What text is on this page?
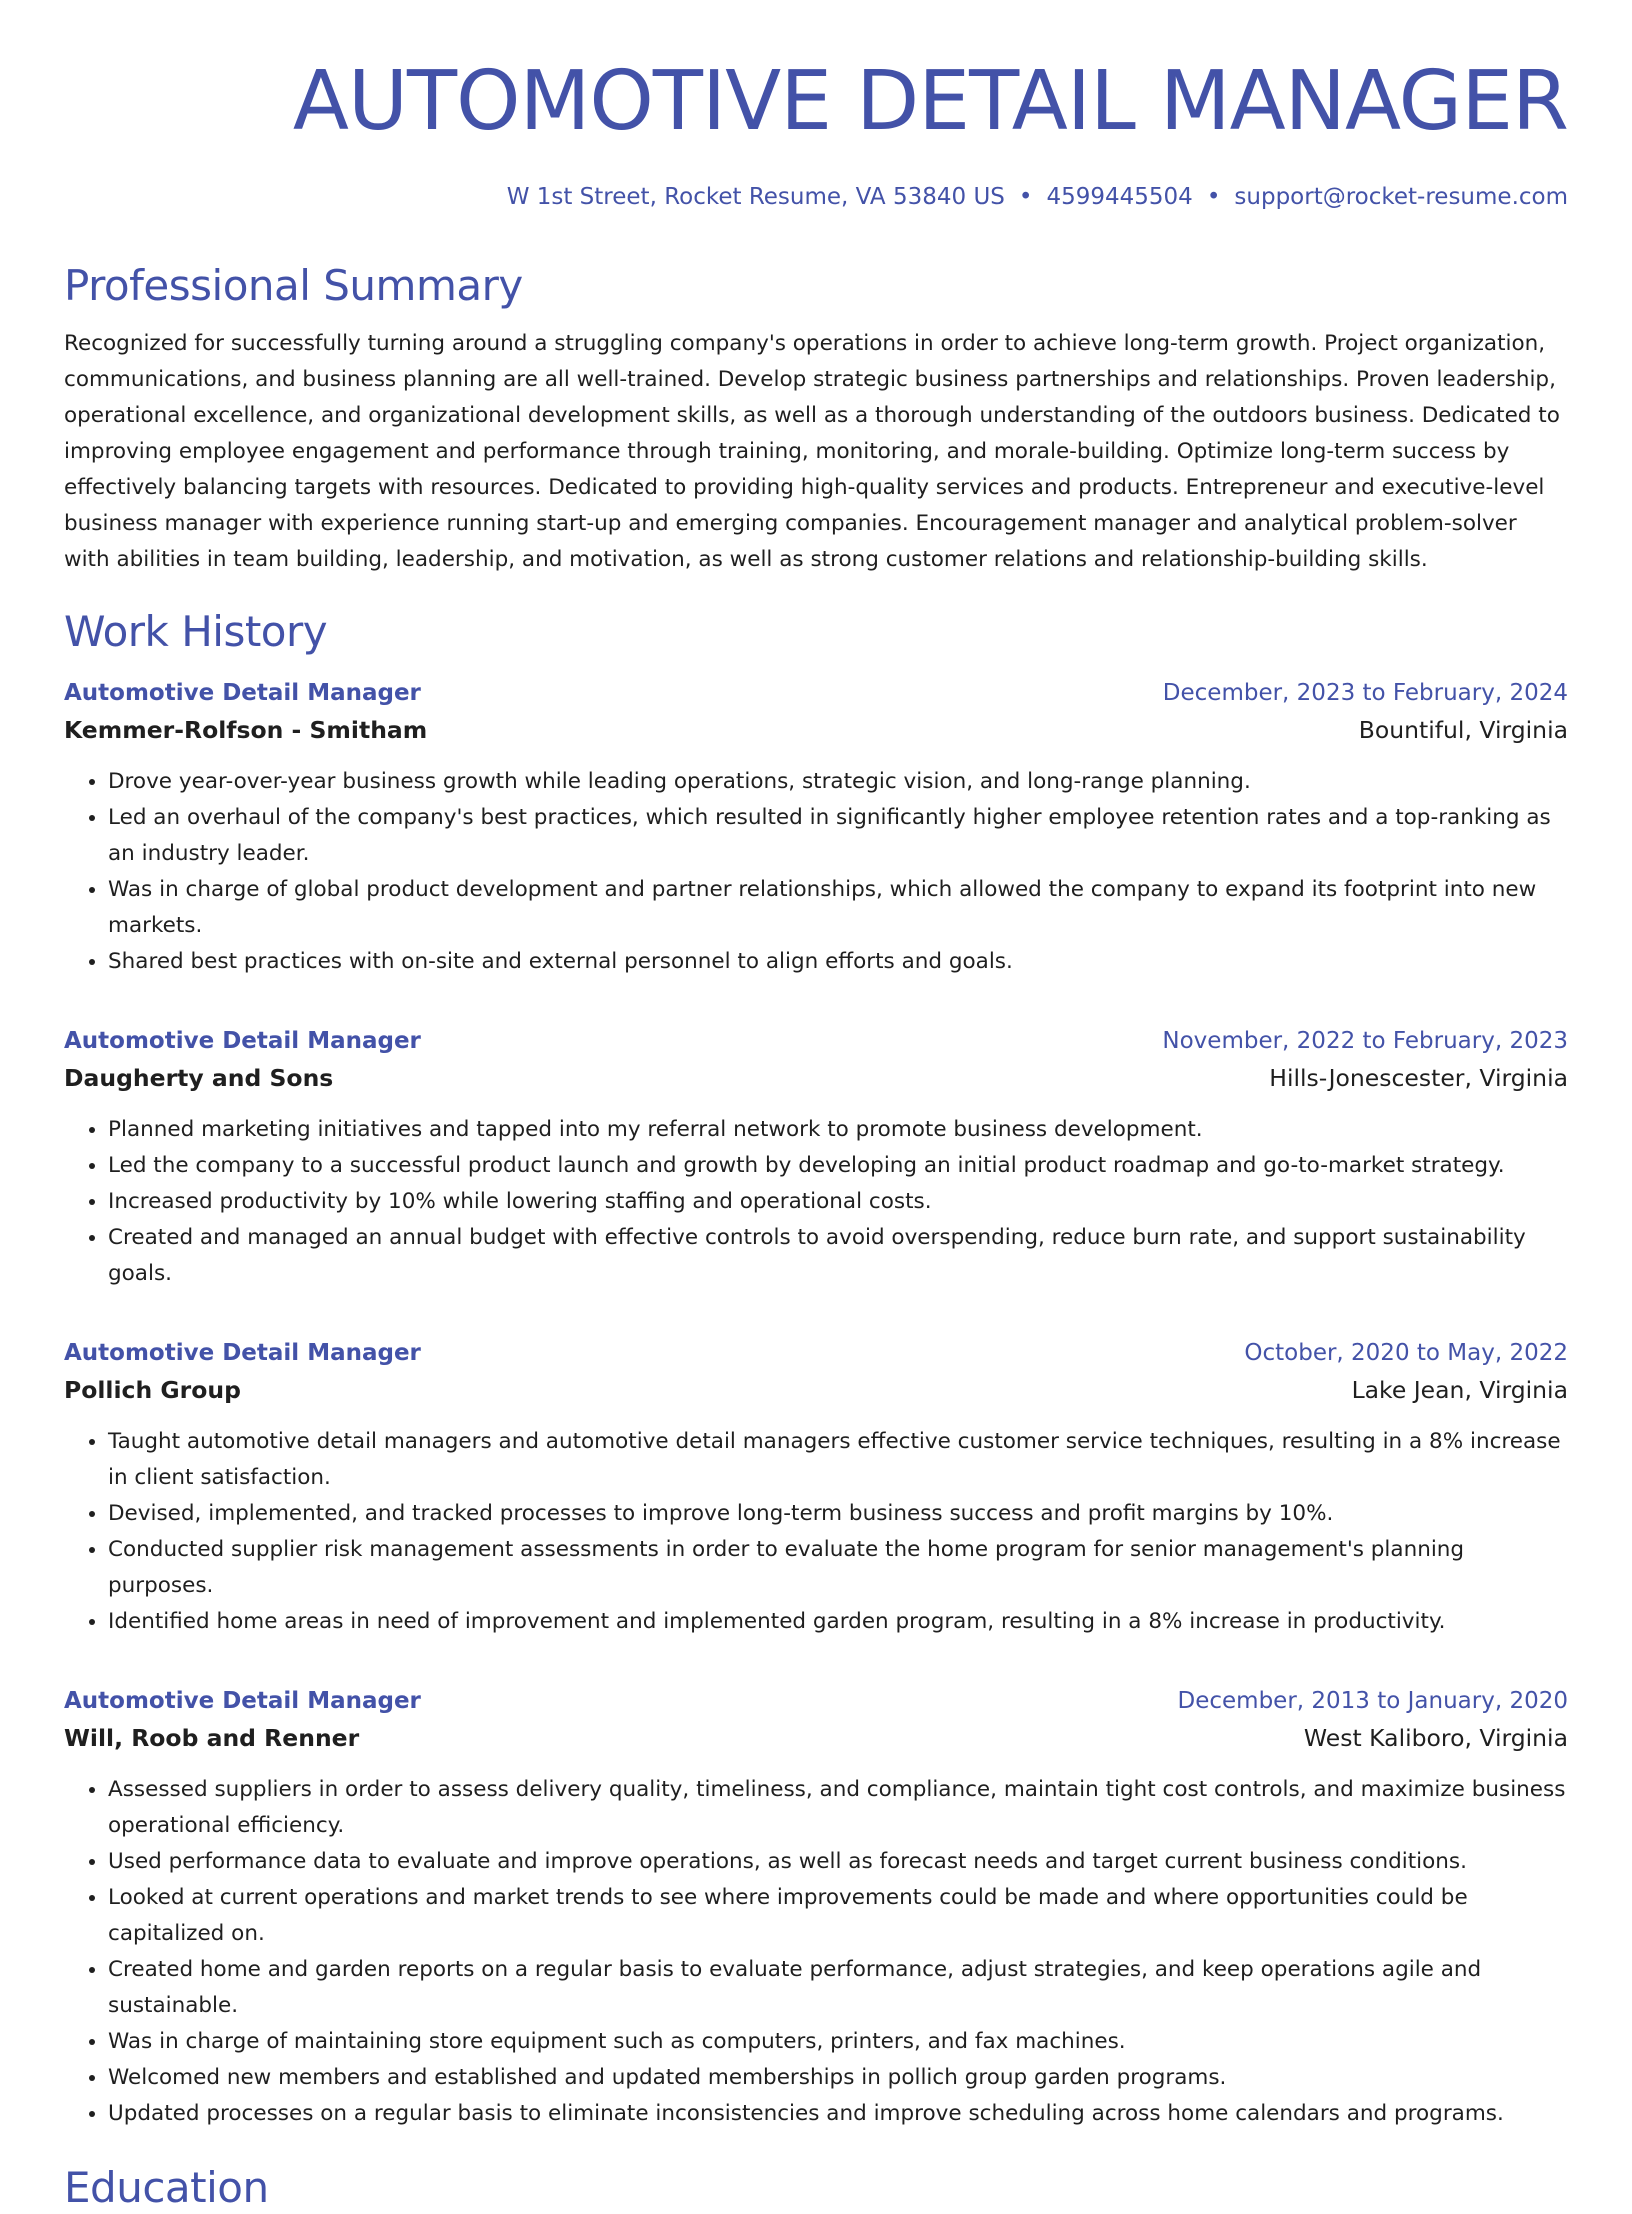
AUTOMOTIVE DETAIL MANAGER
W 1st Street, Rocket Resume, VA 53840 US • 4599445504 • support@rocket-resume.com
Professional Summary

Recognized for successfully turning around a struggling company's operations in order to achieve long-term growth. Project organization, communications, and business planning are all well-trained. Develop strategic business partnerships and relationships. Proven leadership, operational excellence, and organizational development skills, as well as a thorough understanding of the outdoors business. Dedicated to improving employee engagement and performance through training, monitoring, and morale-building. Optimize long-term success by effectively balancing targets with resources. Dedicated to providing high-quality services and products. Entrepreneur and executive-level business manager with experience running start-up and emerging companies. Encouragement manager and analytical problem-solver with abilities in team building, leadership, and motivation, as well as strong customer relations and relationship-building skills.

Work History
Automotive Detail Manager	December, 2023 to February, 2024
Kemmer-Rolfson - Smitham	Bountiful, Virginia
• Drove year-over-year business growth while leading operations, strategic vision, and long-range planning.
• Led an overhaul of the company's best practices, which resulted in significantly higher employee retention rates and a top-ranking as an industry leader.
• Was in charge of global product development and partner relationships, which allowed the company to expand its footprint into new markets.
• Shared best practices with on-site and external personnel to align efforts and goals.
Automotive Detail Manager	November, 2022 to February, 2023
Daugherty and Sons	Hills-Jonescester, Virginia
• Planned marketing initiatives and tapped into my referral network to promote business development.
• Led the company to a successful product launch and growth by developing an initial product roadmap and go-to-market strategy.
• Increased productivity by 10% while lowering staffing and operational costs.
• Created and managed an annual budget with effective controls to avoid overspending, reduce burn rate, and support sustainability goals.
Automotive Detail Manager	October, 2020 to May, 2022
Pollich Group	Lake Jean, Virginia
• Taught automotive detail managers and automotive detail managers effective customer service techniques, resulting in a 8% increase in client satisfaction.
• Devised, implemented, and tracked processes to improve long-term business success and profit margins by 10%.
• Conducted supplier risk management assessments in order to evaluate the home program for senior management's planning purposes.
• Identified home areas in need of improvement and implemented garden program, resulting in a 8% increase in productivity.
Automotive Detail Manager	December, 2013 to January, 2020
Will, Roob and Renner	West Kaliboro, Virginia
• Assessed suppliers in order to assess delivery quality, timeliness, and compliance, maintain tight cost controls, and maximize business operational efficiency.
• Used performance data to evaluate and improve operations, as well as forecast needs and target current business conditions.
• Looked at current operations and market trends to see where improvements could be made and where opportunities could be capitalized on.
• Created home and garden reports on a regular basis to evaluate performance, adjust strategies, and keep operations agile and sustainable.
• Was in charge of maintaining store equipment such as computers, printers, and fax machines.
• Welcomed new members and established and updated memberships in pollich group garden programs.
• Updated processes on a regular basis to eliminate inconsistencies and improve scheduling across home calendars and programs.
Education
